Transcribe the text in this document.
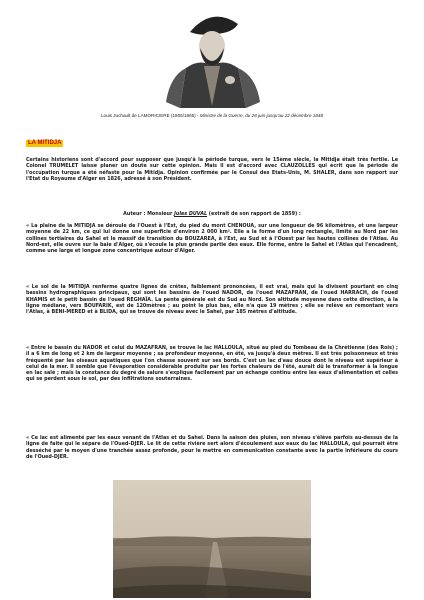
Louis Juchault de LAMORICIERE (1806/1865) - Ministre de la Guerre, du 28 juin jusqu'au 22 décembre 1848
LA MITIDJA
Certains historiens sont d'accord pour supposer que jusqu'à la période turque, vers le 15ème siècle, la Mitidja était très fertile. Le Colonel TRUMELET laisse planer un doute sur cette opinion. Mais il est d'accord avec CLAUZOLLES qui écrit que la période de l'occupation turque a été néfaste pour la Mitidja. Opinion confirmée par le Consul des Etats-Unis, M. SHALER, dans son rapport sur l'Etat du Royaume d'Alger en 1826, adressé à son Président.
Auteur : Monsieur Jules DUVAL (extrait de son rapport de 1859) :
« La plaine de la MITIDJA se déroule de l'Ouest à l'Est, du pied du mont CHENOUA, sur une longueur de 96 kilomètres, et une largeur moyenne de 22 km, ce qui lui donne une superficie d'environ 2 000 km². Elle a la forme d'un long rectangle, limité au Nord par les collines tertiaires du Sahel et le massif de transition du BOUZAREA, à l'Est, au Sud et à l'Ouest par les hautes collines de l'Atlas. Au Nord-est, elle ouvre sur la baie d'Alger, où s'écoule la plus grande partie des eaux. Elle forme, entre le Sahel et l'Atlas qui l'encadrent, comme une large et longue zone concentrique autour d'Alger.
« Le sol de la MITIDJA renferme quatre lignes de crêtes, faiblement prononcées, il est vrai, mais qui la divisent pourtant en cinq bassins hydrographiques principaux, qui sont les bassins de l'oued NADOR, de l'oued MAZAFRAN, de l'oued HARRACH, de l'oued KHAMIS et le petit bassin de l'oued REGHAÏA. La pente générale est du Sud au Nord. Son altitude moyenne dans cette direction, à la ligne médiane, vers BOUFARIK, est de 120mètres ; au point le plus bas, elle n'a que 19 mètres ; elle se relève en remontant vers l'Atlas, à BENI-MERED et à BLIDA, qui se trouve de niveau avec le Sahel, par 185 mètres d'altitude.
« Entre le bassin du NADOR et celui du MAZAFRAN, se trouve le lac HALLOULA, situé au pied du Tombeau de la Chrétienne (des Rois) ; il a 6 km de long et 2 km de largeur moyenne ; sa profondeur moyenne, en été, va jusqu'à deux mètres. Il est très poissonneux et très fréquenté par les oiseaux aquatiques que l'on chasse souvent sur ses bords. C'est un lac d'eau douce dont le niveau est supérieur à celui de la mer. Il semble que l'évaporation considérable produite par les fortes chaleurs de l'été, aurait dû le transformer à la longue en lac salé ; mais la constance du degré de salure s'explique facilement par un échange continu entre les eaux d'alimentation et celles qui se perdent sous le sol, par des infiltrations souterraines.
« Ce lac est alimenté par les eaux venant de l'Atlas et du Sahel. Dans la saison des pluies, son niveau s'élève parfois au-dessus de la ligne de faite qui le sépare de l'Oued-DJER. Le lit de cette rivière sert alors d'écoulement aux eaux du lac HALLOULA, qui pourrait être desséché par le moyen d'une tranchée assez profonde, pour le mettre en communication constante avec la partie inférieure du cours de l'Oued-DJER.
